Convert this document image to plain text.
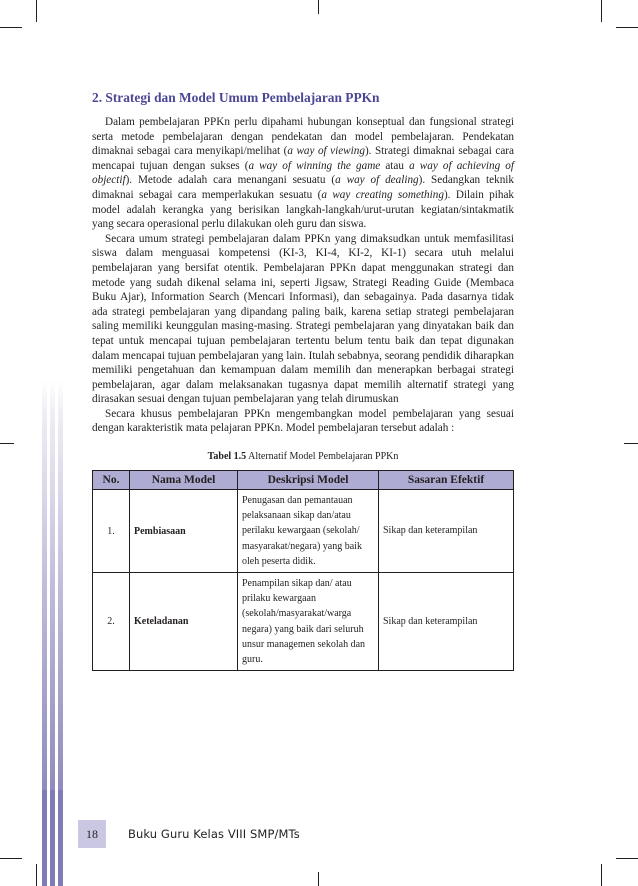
2. Strategi dan Model Umum Pembelajaran PPKn

Dalam pembelajaran PPKn perlu dipahami hubungan konseptual dan fungsional strategi serta metode pembelajaran dengan pendekatan dan model pembelajaran. Pendekatan dimaknai sebagai cara menyikapi/melihat (a way of viewing). Strategi dimaknai sebagai cara mencapai tujuan dengan sukses (a way of winning the game atau a way of achieving of objectif). Metode adalah cara menangani sesuatu (a way of dealing). Sedangkan teknik dimaknai sebagai cara memperlakukan sesuatu (a way creating something). Dilain pihak model adalah kerangka yang berisikan langkah-langkah/urut-urutan kegiatan/sintakmatik yang secara operasional perlu dilakukan oleh guru dan siswa.

Secara umum strategi pembelajaran dalam PPKn yang dimaksudkan untuk memfasilitasi siswa dalam menguasai kompetensi (KI-3, KI-4, KI-2, KI-1) secara utuh melalui pembelajaran yang bersifat otentik. Pembelajaran PPKn dapat menggunakan strategi dan metode yang sudah dikenal selama ini, seperti Jigsaw, Strategi Reading Guide (Membaca Buku Ajar), Information Search (Mencari Informasi), dan sebagainya. Pada dasarnya tidak ada strategi pembelajaran yang dipandang paling baik, karena setiap strategi pembelajaran saling memiliki keunggulan masing-masing. Strategi pembelajaran yang dinyatakan baik dan tepat untuk mencapai tujuan pembelajaran tertentu belum tentu baik dan tepat digunakan dalam mencapai tujuan pembelajaran yang lain. Itulah sebabnya, seorang pendidik diharapkan memiliki pengetahuan dan kemampuan dalam memilih dan menerapkan berbagai strategi pembelajaran, agar dalam melaksanakan tugasnya dapat memilih alternatif strategi yang dirasakan sesuai dengan tujuan pembelajaran yang telah dirumuskan

Secara khusus pembelajaran PPKn mengembangkan model pembelajaran yang sesuai dengan karakteristik mata pelajaran PPKn. Model pembelajaran tersebut adalah :

Tabel 1.5 Alternatif Model Pembelajaran PPKn
No.	Nama Model	Deskripsi Model	Sasaran Efektif
1.	Pembiasaan	Penugasan dan pemantauan pelaksanaan sikap dan/atau perilaku kewargaan (sekolah/ masyarakat/negara) yang baik oleh peserta didik.	Sikap dan keterampilan
2.	Keteladanan	Penampilan sikap dan/ atau prilaku kewargaan (sekolah/masyarakat/warga negara) yang baik dari seluruh unsur managemen sekolah dan guru.	Sikap dan keterampilan
18	Buku Guru Kelas VIII SMP/MTs
